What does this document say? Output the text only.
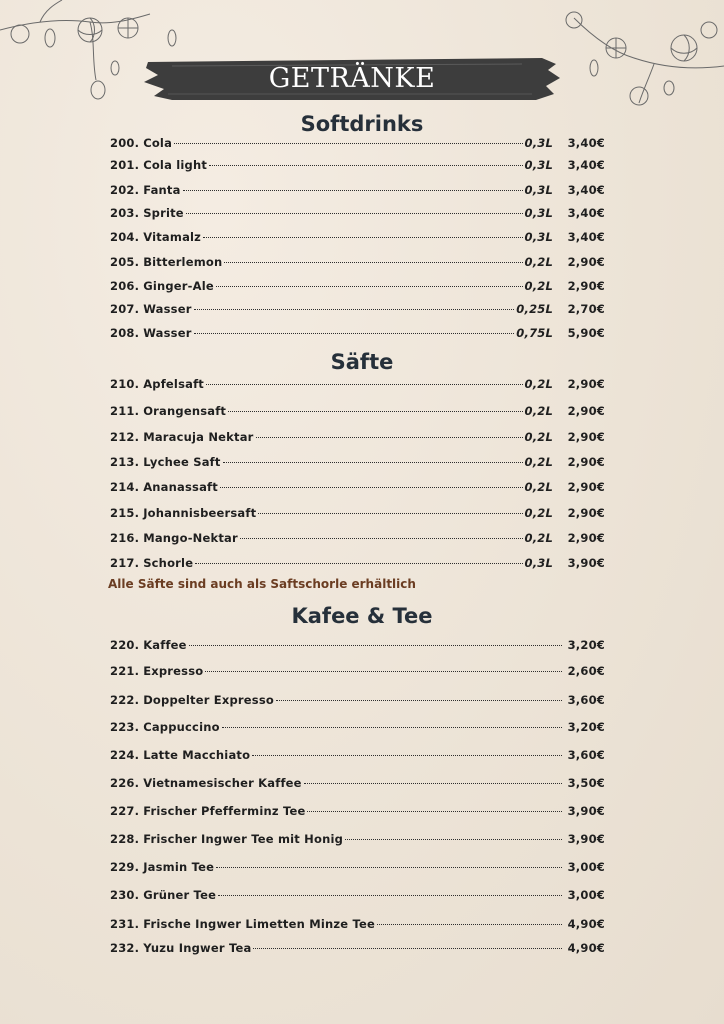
GETRÄNKE
Softdrinks
Säfte
Kafee & Tee
200. Cola	0,3L 3,40€
201. Cola light	0,3L 3,40€
202. Fanta	0,3L 3,40€
203. Sprite	0,3L 3,40€
204. Vitamalz	0,3L 3,40€
205. Bitterlemon	0,2L 2,90€
206. Ginger-Ale	0,2L 2,90€
207. Wasser	0,25L 2,70€
208. Wasser	0,75L 5,90€
210. Apfelsaft	0,2L 2,90€
211. Orangensaft	0,2L 2,90€
212. Maracuja Nektar	0,2L 2,90€
213. Lychee Saft	0,2L 2,90€
214. Ananassaft	0,2L 2,90€
215. Johannisbeersaft	0,2L 2,90€
216. Mango-Nektar	0,2L 2,90€
217. Schorle	0,3L 3,90€
Alle Säfte sind auch als Saftschorle erhältlich
220. Kaffee	3,20€
221. Expresso	2,60€
222. Doppelter Expresso	3,60€
223. Cappuccino	3,20€
224. Latte Macchiato	3,60€
226. Vietnamesischer Kaffee	3,50€
227. Frischer Pfefferminz Tee	3,90€
228. Frischer Ingwer Tee mit Honig	3,90€
229. Jasmin Tee	3,00€
230. Grüner Tee	3,00€
231. Frische Ingwer Limetten Minze Tee	4,90€
232. Yuzu Ingwer Tea	4,90€
